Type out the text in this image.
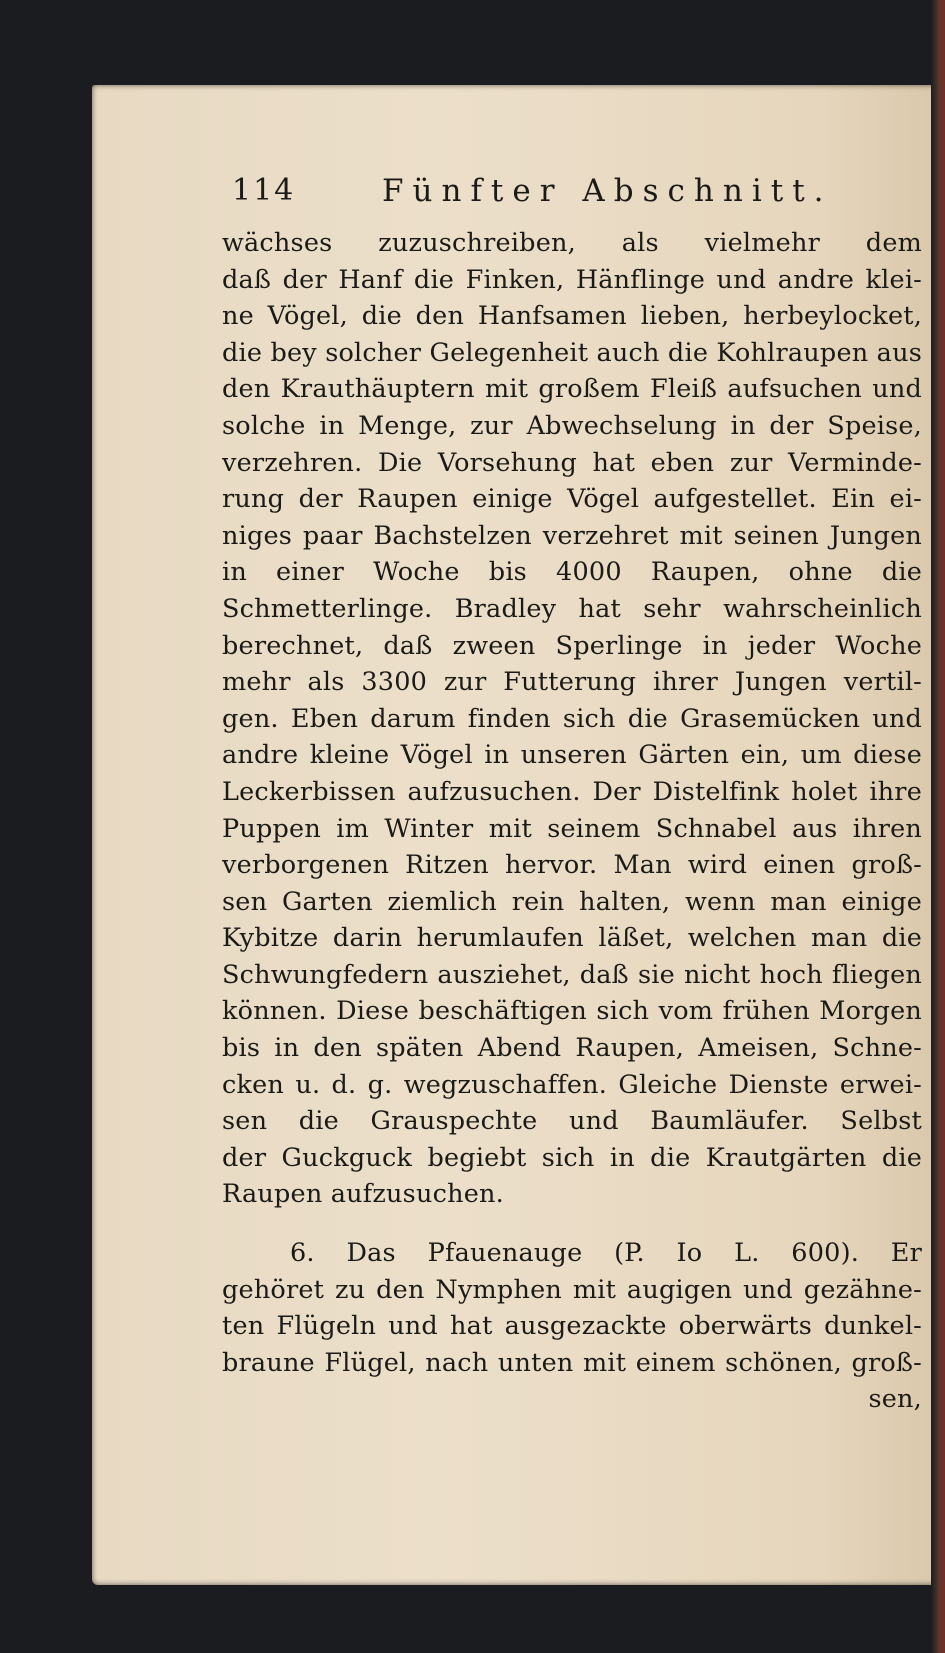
114	Fünfter Abschnitt.
wächses zuzuschreiben, als vielmehr dem
daß der Hanf die Finken, Hänflinge und andre klei-
ne Vögel, die den Hanfsamen lieben, herbeylocket,
die bey solcher Gelegenheit auch die Kohlraupen aus
den Krauthäuptern mit großem Fleiß aufsuchen und
solche in Menge, zur Abwechselung in der Speise,
verzehren. Die Vorsehung hat eben zur Verminde-
rung der Raupen einige Vögel aufgestellet. Ein ei-
niges paar Bachstelzen verzehret mit seinen Jungen
in einer Woche bis 4000 Raupen, ohne die
Schmetterlinge. Bradley hat sehr wahrscheinlich
berechnet, daß zween Sperlinge in jeder Woche
mehr als 3300 zur Futterung ihrer Jungen vertil-
gen. Eben darum finden sich die Grasemücken und
andre kleine Vögel in unseren Gärten ein, um diese
Leckerbissen aufzusuchen. Der Distelfink holet ihre
Puppen im Winter mit seinem Schnabel aus ihren
verborgenen Ritzen hervor. Man wird einen groß-
sen Garten ziemlich rein halten, wenn man einige
Kybitze darin herumlaufen läßet, welchen man die
Schwungfedern ausziehet, daß sie nicht hoch fliegen
können. Diese beschäftigen sich vom frühen Morgen
bis in den späten Abend Raupen, Ameisen, Schne-
cken u. d. g. wegzuschaffen. Gleiche Dienste erwei-
sen die Grauspechte und Baumläufer. Selbst
der Guckguck begiebt sich in die Krautgärten die
Raupen aufzusuchen.
6. Das Pfauenauge (P. Io L. 600). Er
gehöret zu den Nymphen mit augigen und gezähne-
ten Flügeln und hat ausgezackte oberwärts dunkel-
braune Flügel, nach unten mit einem schönen, groß-
sen,
